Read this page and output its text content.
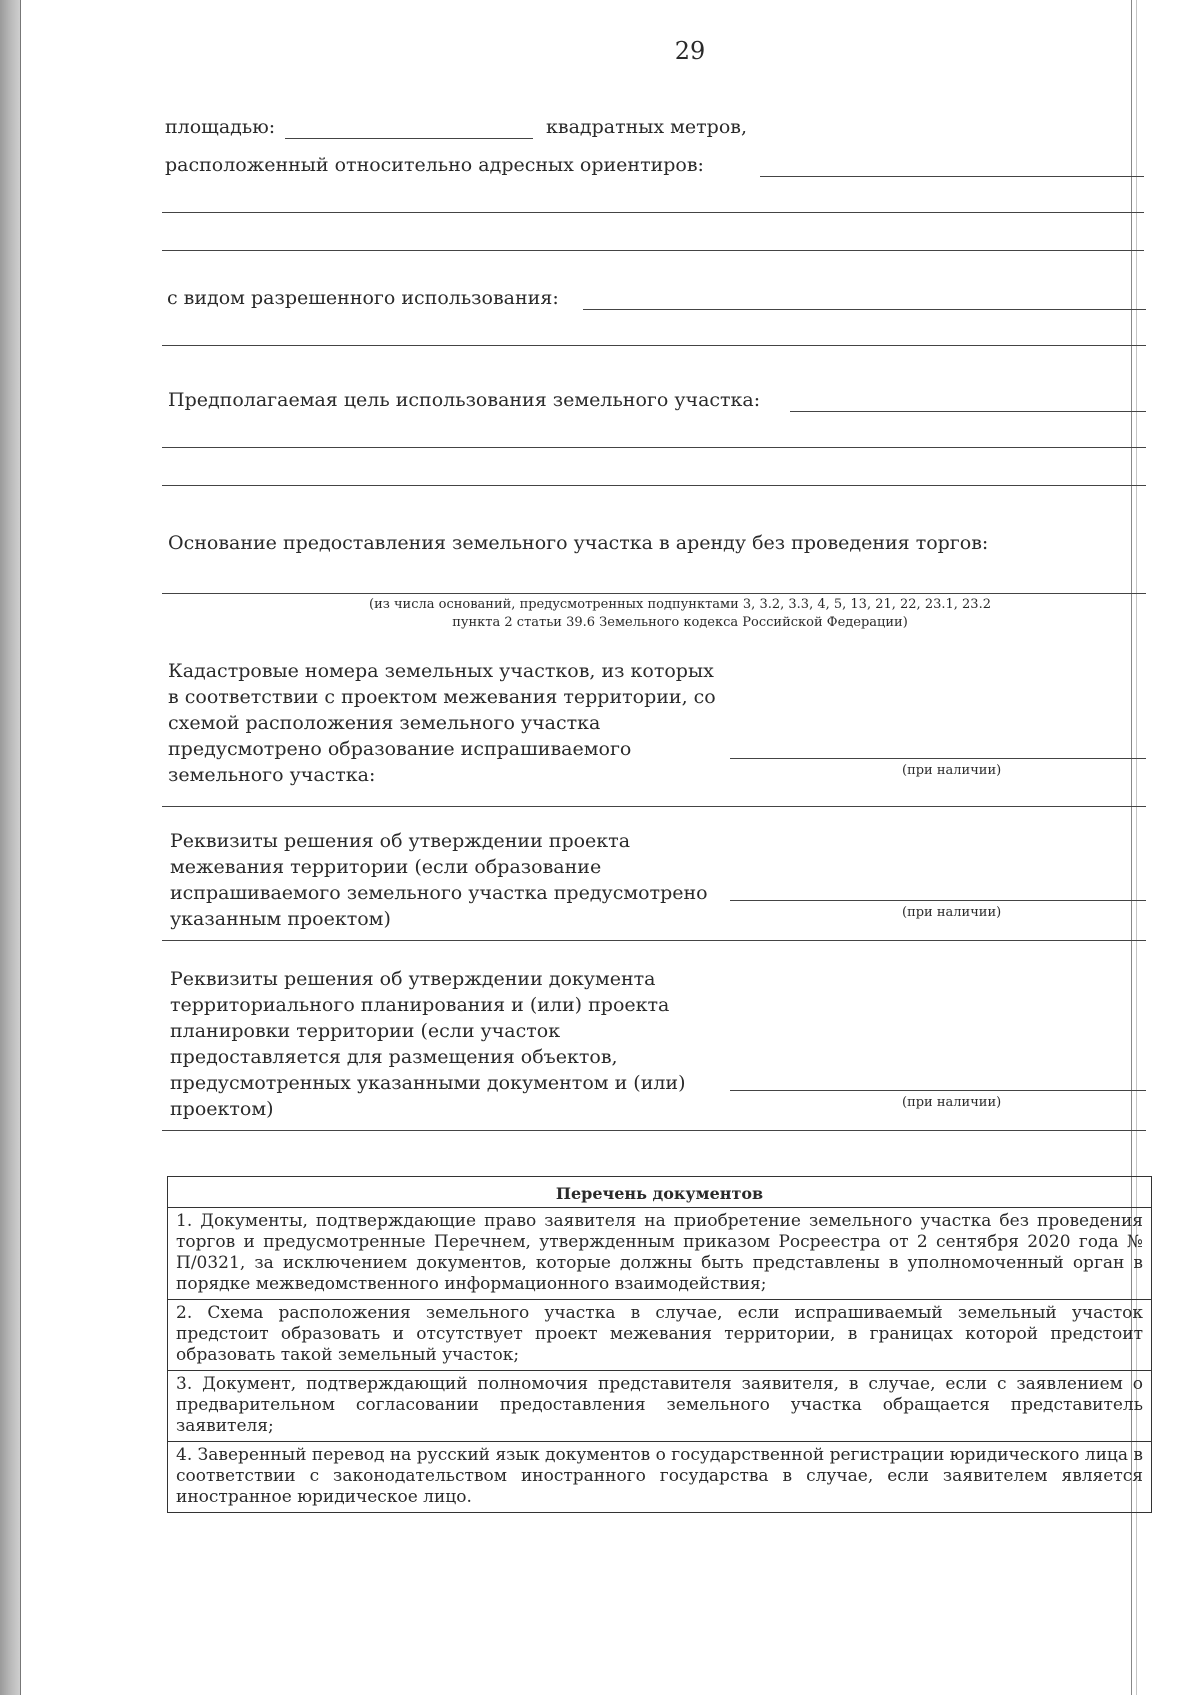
29
площадью:	квадратных метров,
расположенный относительно адресных ориентиров:
с видом разрешенного использования:
Предполагаемая цель использования земельного участка:
Основание предоставления земельного участка в аренду без проведения торгов:
(из числа оснований, предусмотренных подпунктами 3, 3.2, 3.3, 4, 5, 13, 21, 22, 23.1, 23.2
пункта 2 статьи 39.6 Земельного кодекса Российской Федерации)
Кадастровые номера земельных участков, из которых в соответствии с проектом межевания территории, со схемой расположения земельного участка предусмотрено образование испрашиваемого земельного участка:	(при наличии)
Реквизиты решения об утверждении проекта межевания территории (если образование испрашиваемого земельного участка предусмотрено указанным проектом)	(при наличии)
Реквизиты решения об утверждении документа территориального планирования и (или) проекта планировки территории (если участок предоставляется для размещения объектов, предусмотренных указанными документом и (или) проектом)	(при наличии)
Перечень документов
1. Документы, подтверждающие право заявителя на приобретение земельного участка без проведения торгов и предусмотренные Перечнем, утвержденным приказом Росреестра от 2 сентября 2020 года № П/0321, за исключением документов, которые должны быть представлены в уполномоченный орган в порядке межведомственного информационного взаимодействия;
2. Схема расположения земельного участка в случае, если испрашиваемый земельный участок предстоит образовать и отсутствует проект межевания территории, в границах которой предстоит образовать такой земельный участок;
3. Документ, подтверждающий полномочия представителя заявителя, в случае, если с заявлением о предварительном согласовании предоставления земельного участка обращается представитель заявителя;
4. Заверенный перевод на русский язык документов о государственной регистрации юридического лица в соответствии с законодательством иностранного государства в случае, если заявителем является иностранное юридическое лицо.
